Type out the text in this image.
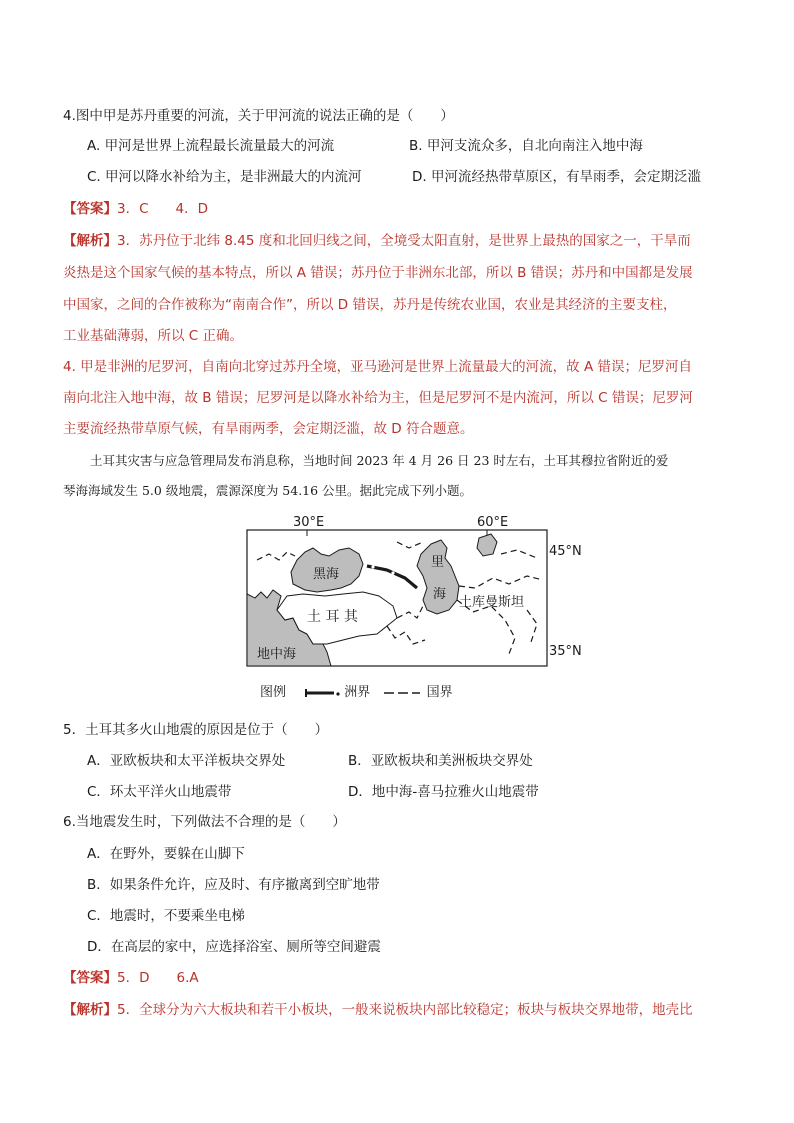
4.图中甲是苏丹重要的河流，关于甲河流的说法正确的是（　　）
A. 甲河是世界上流程最长流量最大的河流	B. 甲河支流众多，自北向南注入地中海
C. 甲河以降水补给为主，是非洲最大的内流河	D. 甲河流经热带草原区，有旱雨季，会定期泛滥
【答案】3．C　　4．D
【解析】3．苏丹位于北纬 8.45 度和北回归线之间，全境受太阳直射，是世界上最热的国家之一，干旱而
炎热是这个国家气候的基本特点，所以 A 错误；苏丹位于非洲东北部，所以 B 错误；苏丹和中国都是发展
中国家，之间的合作被称为“南南合作”，所以 D 错误，苏丹是传统农业国，农业是其经济的主要支柱，
工业基础薄弱，所以 C 正确。
4. 甲是非洲的尼罗河，自南向北穿过苏丹全境，亚马逊河是世界上流量最大的河流，故 A 错误；尼罗河自
南向北注入地中海，故 B 错误；尼罗河是以降水补给为主，但是尼罗河不是内流河，所以 C 错误；尼罗河
主要流经热带草原气候，有旱雨两季，会定期泛滥，故 D 符合题意。
土耳其灾害与应急管理局发布消息称，当地时间 2023 年 4 月 26 日 23 时左右，土耳其穆拉省附近的爱
琴海海域发生 5.0 级地震，震源深度为 54.16 公里。据此完成下列小题。
30°E	60°E
45°N
35°N
黑海
土 耳 其
里
海
土库曼斯坦
地中海
图例	洲界	国界
5．土耳其多火山地震的原因是位于（　　）
A．亚欧板块和太平洋板块交界处	B．亚欧板块和美洲板块交界处
C．环太平洋火山地震带	D．地中海-喜马拉雅火山地震带
6.当地震发生时，下列做法不合理的是（　　）
A．在野外，要躲在山脚下
B．如果条件允许，应及时、有序撤离到空旷地带
C．地震时，不要乘坐电梯
D．在高层的家中，应选择浴室、厕所等空间避震
【答案】5．D　　6.A
【解析】5．全球分为六大板块和若干小板块，一般来说板块内部比较稳定；板块与板块交界地带，地壳比
